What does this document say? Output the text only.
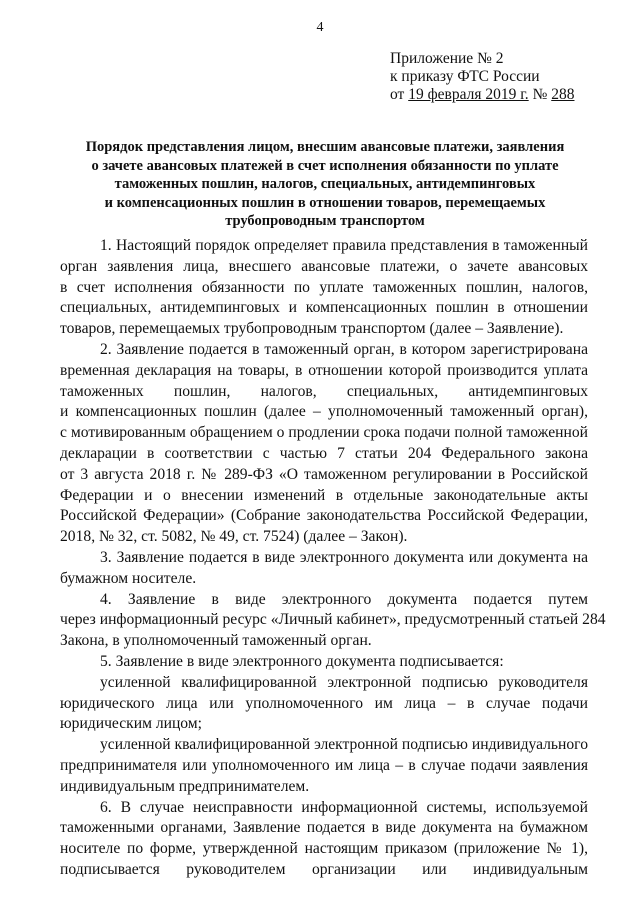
4
Приложение № 2
к приказу ФТС России
от 19 февраля 2019 г. № 288
Порядок представления лицом, внесшим авансовые платежи, заявления
о зачете авансовых платежей в счет исполнения обязанности по уплате
таможенных пошлин, налогов, специальных, антидемпинговых
и компенсационных пошлин в отношении товаров, перемещаемых
трубопроводным транспортом
1. Настоящий порядок определяет правила представления в таможенный
орган заявления лица, внесшего авансовые платежи, о зачете авансовых
в счет исполнения обязанности по уплате таможенных пошлин, налогов,
специальных, антидемпинговых и компенсационных пошлин в отношении
товаров, перемещаемых трубопроводным транспортом (далее – Заявление).
2. Заявление подается в таможенный орган, в котором зарегистрирована
временная декларация на товары, в отношении которой производится уплата
таможенных пошлин, налогов, специальных, антидемпинговых
и компенсационных пошлин (далее – уполномоченный таможенный орган),
с мотивированным обращением о продлении срока подачи полной таможенной
декларации в соответствии с частью 7 статьи 204 Федерального закона
от 3 августа 2018 г. № 289-ФЗ «О таможенном регулировании в Российской
Федерации и о внесении изменений в отдельные законодательные акты
Российской Федерации» (Собрание законодательства Российской Федерации,
2018, № 32, ст. 5082, № 49, ст. 7524) (далее – Закон).
3. Заявление подается в виде электронного документа или документа на
бумажном носителе.
4. Заявление в виде электронного документа подается путем
через информационный ресурс «Личный кабинет», предусмотренный статьей 284
Закона, в уполномоченный таможенный орган.
5. Заявление в виде электронного документа подписывается:
усиленной квалифицированной электронной подписью руководителя
юридического лица или уполномоченного им лица – в случае подачи
юридическим лицом;
усиленной квалифицированной электронной подписью индивидуального
предпринимателя или уполномоченного им лица – в случае подачи заявления
индивидуальным предпринимателем.
6. В случае неисправности информационной системы, используемой
таможенными органами, Заявление подается в виде документа на бумажном
носителе по форме, утвержденной настоящим приказом (приложение № 1),
подписывается руководителем организации или индивидуальным
